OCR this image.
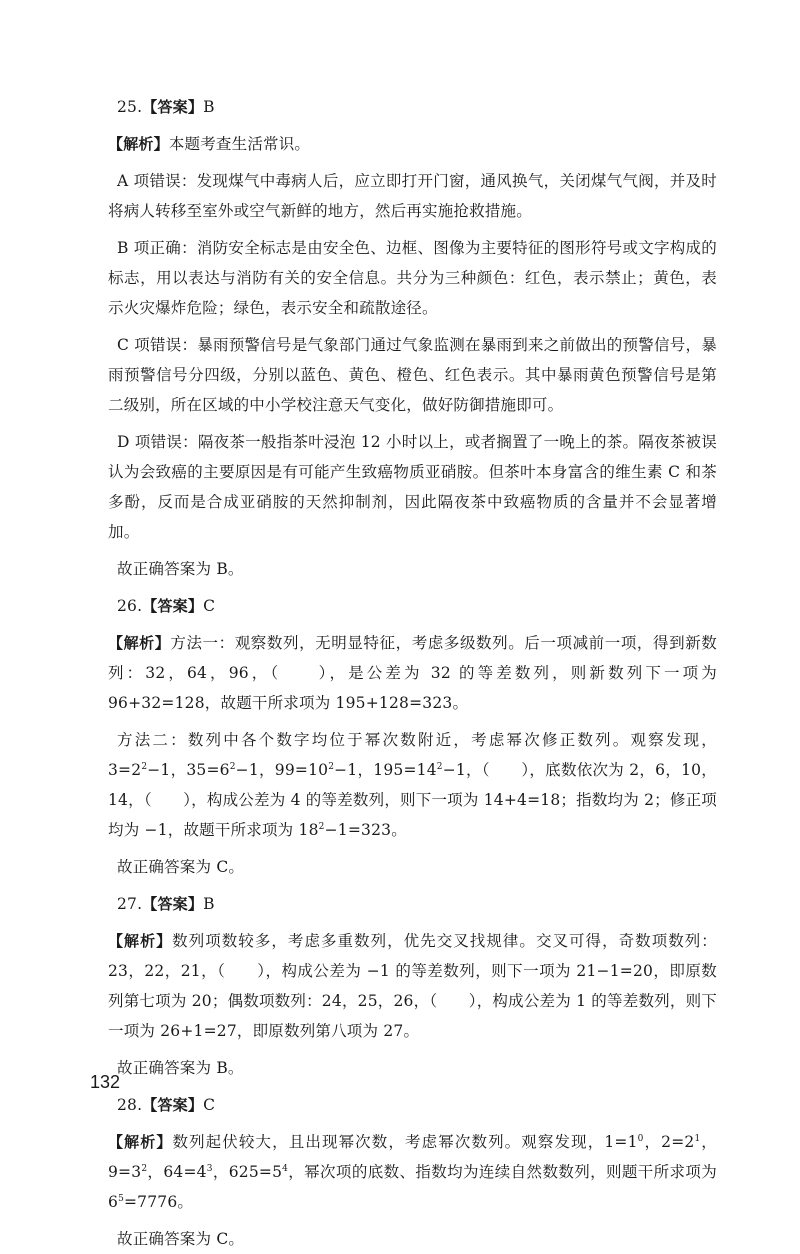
25.【答案】B

【解析】本题考查生活常识。

A 项错误：发现煤气中毒病人后，应立即打开门窗，通风换气，关闭煤气气阀，并及时将病人转移至室外或空气新鲜的地方，然后再实施抢救措施。

B 项正确：消防安全标志是由安全色、边框、图像为主要特征的图形符号或文字构成的标志，用以表达与消防有关的安全信息。共分为三种颜色：红色，表示禁止；黄色，表示火灾爆炸危险；绿色，表示安全和疏散途径。

C 项错误：暴雨预警信号是气象部门通过气象监测在暴雨到来之前做出的预警信号，暴雨预警信号分四级，分别以蓝色、黄色、橙色、红色表示。其中暴雨黄色预警信号是第二级别，所在区域的中小学校注意天气变化，做好防御措施即可。

D 项错误：隔夜茶一般指茶叶浸泡 12 小时以上，或者搁置了一晚上的茶。隔夜茶被误认为会致癌的主要原因是有可能产生致癌物质亚硝胺。但茶叶本身富含的维生素 C 和茶多酚，反而是合成亚硝胺的天然抑制剂，因此隔夜茶中致癌物质的含量并不会显著增加。

故正确答案为 B。

26.【答案】C

【解析】方法一：观察数列，无明显特征，考虑多级数列。后一项减前一项，得到新数列：32，64，96，（　　），是公差为 32 的等差数列，则新数列下一项为 96+32=128，故题干所求项为 195+128=323。

方法二：数列中各个数字均位于幂次数附近，考虑幂次修正数列。观察发现，$3=2^2-1$，$35=6^2-1$，$99=10^2-1$，$195=14^2-1$，（　　），底数依次为 2，6，10，14，（　　），构成公差为 4 的等差数列，则下一项为 14+4=18；指数均为 2；修正项均为 −1，故题干所求项为 $18^2-1=323$。

故正确答案为 C。

27.【答案】B

【解析】数列项数较多，考虑多重数列，优先交叉找规律。交叉可得，奇数项数列：23，22，21，（　　），构成公差为 −1 的等差数列，则下一项为 21−1=20，即原数列第七项为 20；偶数项数列：24，25，26，（　　），构成公差为 1 的等差数列，则下一项为 26+1=27，即原数列第八项为 27。

故正确答案为 B。

28.【答案】C

【解析】数列起伏较大，且出现幂次数，考虑幂次数列。观察发现，$1=1^0$，$2=2^1$，$9=3^2$，$64=4^3$，$625=5^4$，幂次项的底数、指数均为连续自然数数列，则题干所求项为 $6^5=7776$。

故正确答案为 C。

132
